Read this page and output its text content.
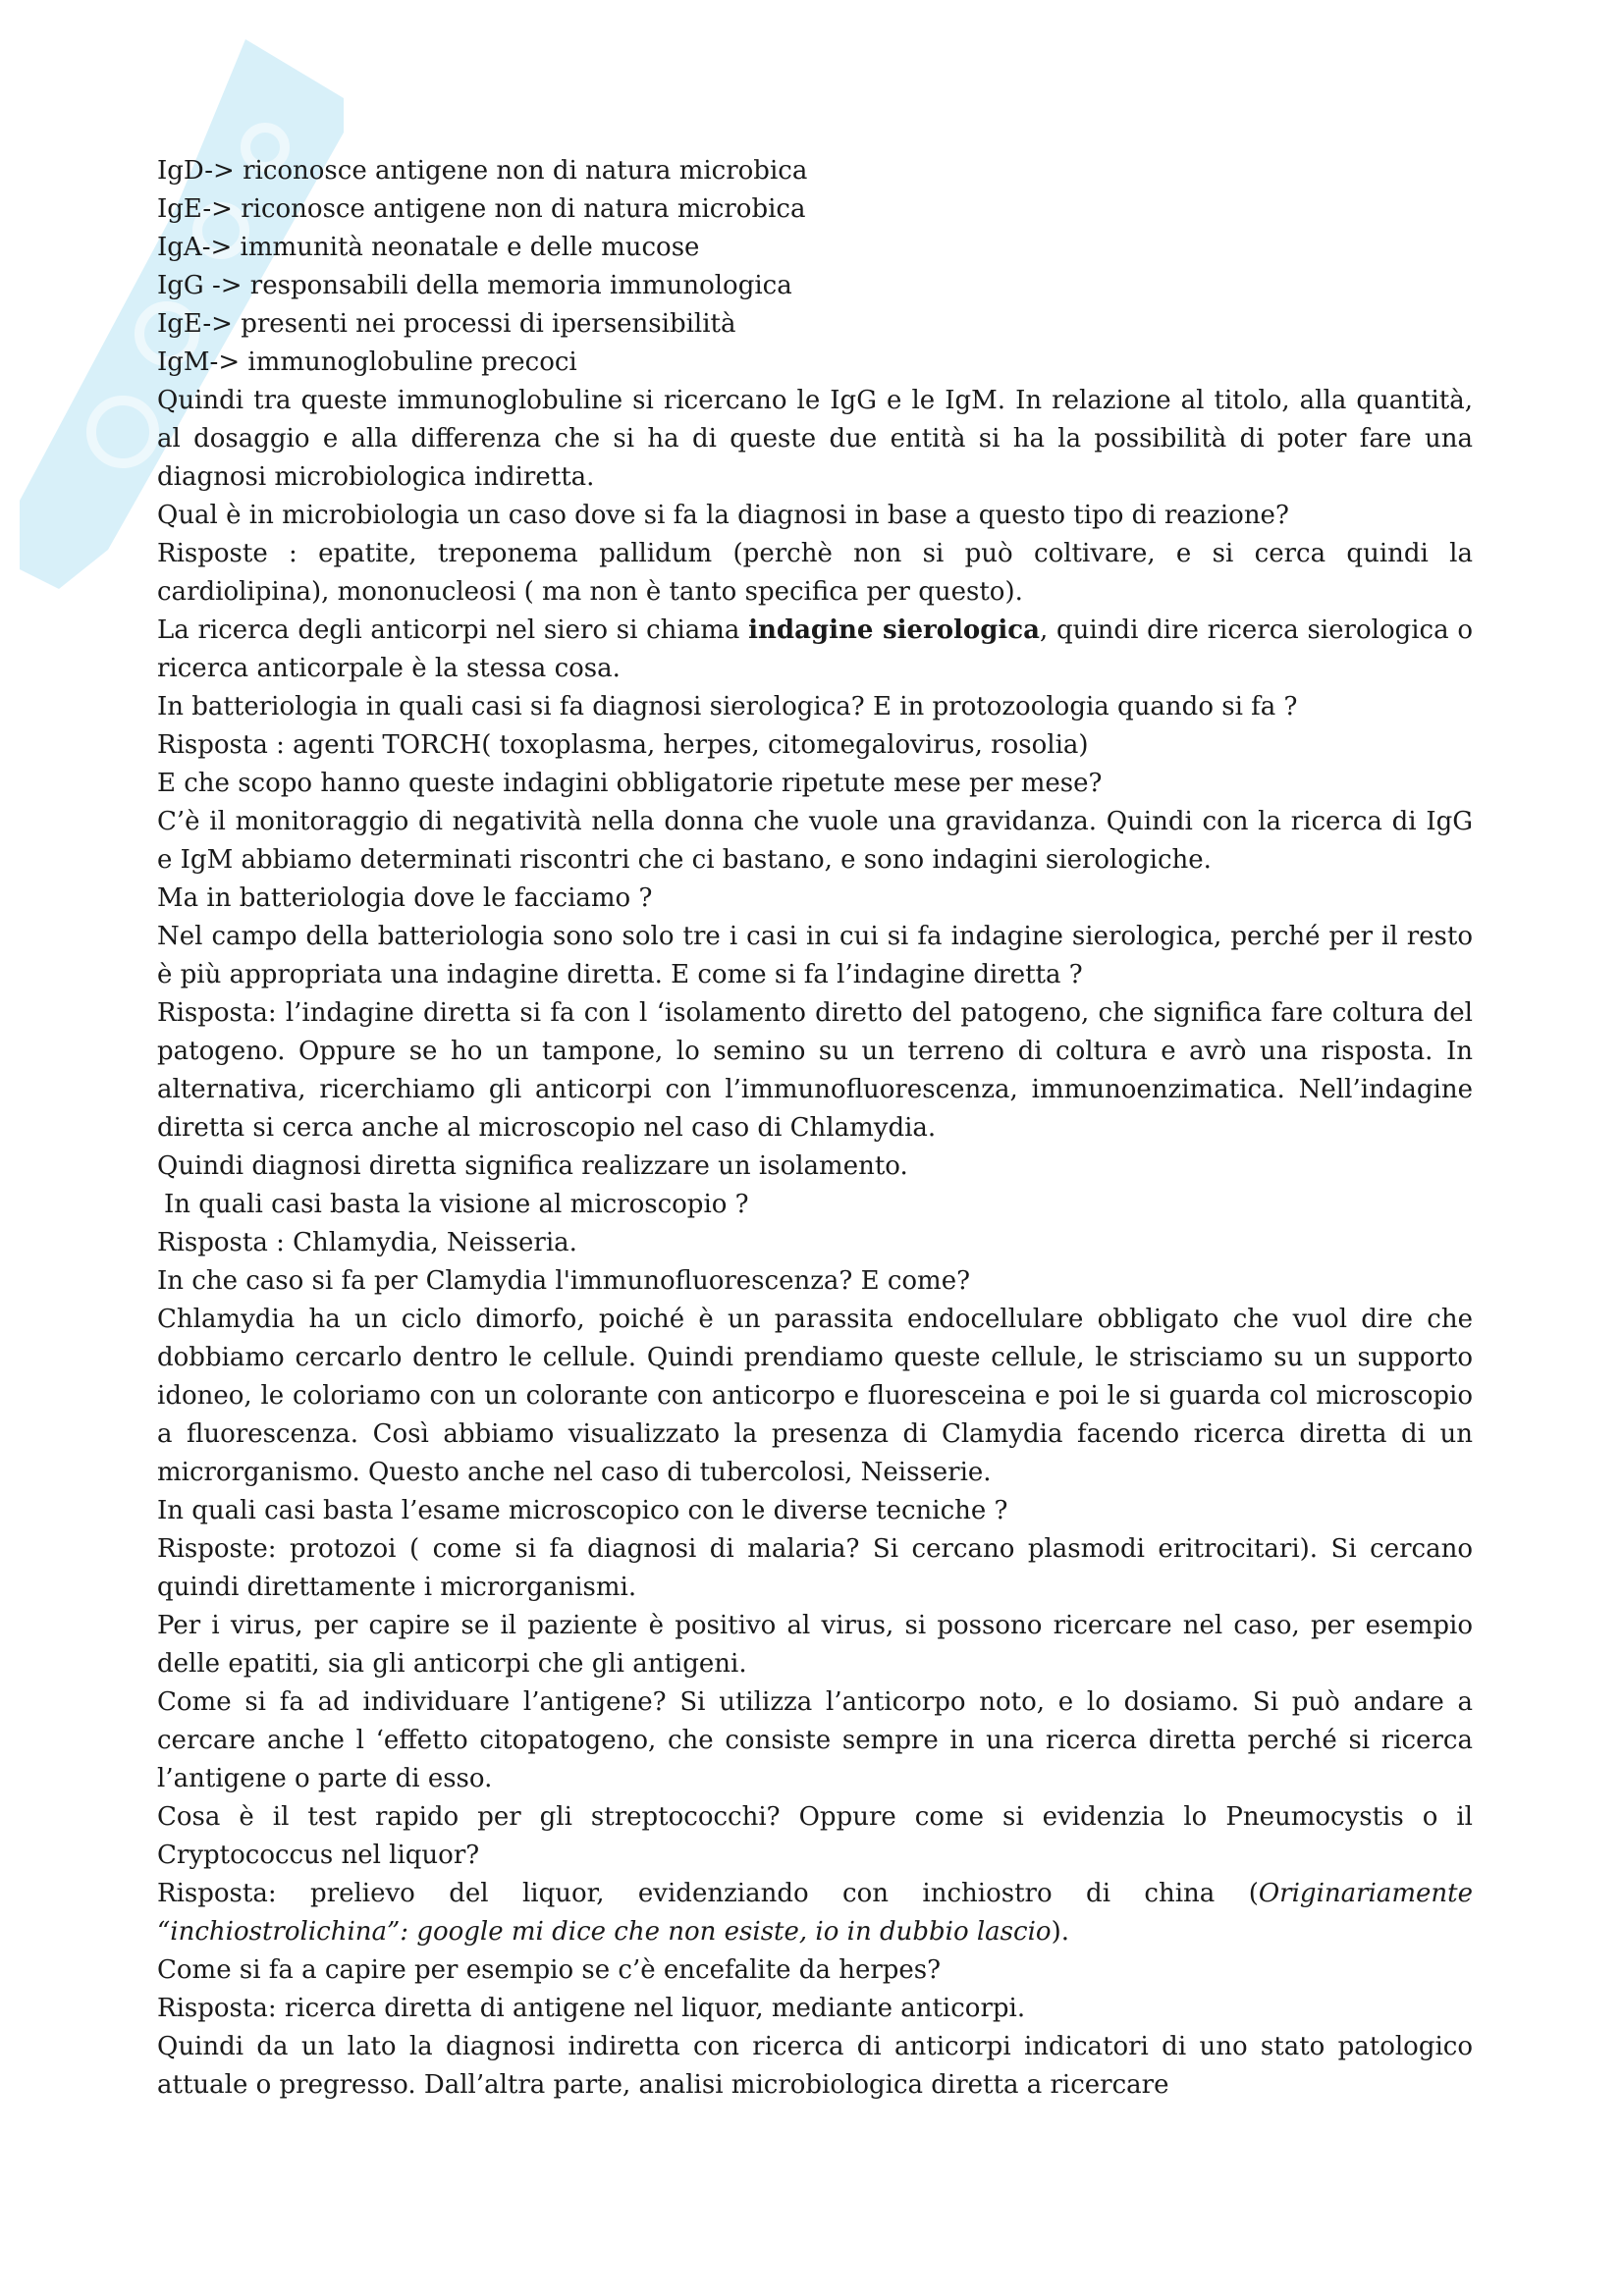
IgD-> riconosce antigene non di natura microbica

IgE-> riconosce antigene non di natura microbica

IgA-> immunità neonatale e delle mucose

IgG -> responsabili della memoria immunologica

IgE-> presenti nei processi di ipersensibilità

IgM-> immunoglobuline precoci

Quindi tra queste immunoglobuline si ricercano le IgG e le IgM. In relazione al titolo, alla quantità, al dosaggio e alla differenza che si ha di queste due entità si ha la possibilità di poter fare una diagnosi microbiologica indiretta.

Qual è in microbiologia un caso dove si fa la diagnosi in base a questo tipo di reazione?

Risposte : epatite, treponema pallidum (perchè non si può coltivare, e si cerca quindi la cardiolipina), mononucleosi ( ma non è tanto specifica per questo).

La ricerca degli anticorpi nel siero si chiama indagine sierologica, quindi dire ricerca sierologica o ricerca anticorpale è la stessa cosa.

In batteriologia in quali casi si fa diagnosi sierologica? E in protozoologia quando si fa ?

Risposta : agenti TORCH( toxoplasma, herpes, citomegalovirus, rosolia)

E che scopo hanno queste indagini obbligatorie ripetute mese per mese?

C’è il monitoraggio di negatività nella donna che vuole una gravidanza. Quindi con la ricerca di IgG e IgM abbiamo determinati riscontri che ci bastano, e sono indagini sierologiche.

Ma in batteriologia dove le facciamo ?

Nel campo della batteriologia sono solo tre i casi in cui si fa indagine sierologica, perché per il resto è più appropriata una indagine diretta. E come si fa l’indagine diretta ?

Risposta: l’indagine diretta si fa con l ‘isolamento diretto del patogeno, che significa fare coltura del patogeno. Oppure se ho un tampone, lo semino su un terreno di coltura e avrò una risposta. In alternativa, ricerchiamo gli anticorpi con l’immunofluorescenza, immunoenzimatica. Nell’indagine diretta si cerca anche al microscopio nel caso di Chlamydia.

Quindi diagnosi diretta significa realizzare un isolamento.

In quali casi basta la visione al microscopio ?

Risposta : Chlamydia, Neisseria.

In che caso si fa per Clamydia l'immunofluorescenza? E come?

Chlamydia ha un ciclo dimorfo, poiché è un parassita endocellulare obbligato che vuol dire che dobbiamo cercarlo dentro le cellule. Quindi prendiamo queste cellule, le strisciamo su un supporto idoneo, le coloriamo con un colorante con anticorpo e fluoresceina e poi le si guarda col microscopio a fluorescenza. Così abbiamo visualizzato la presenza di Clamydia facendo ricerca diretta di un microrganismo. Questo anche nel caso di tubercolosi, Neisserie.

In quali casi basta l’esame microscopico con le diverse tecniche ?

Risposte: protozoi ( come si fa diagnosi di malaria? Si cercano plasmodi eritrocitari). Si cercano quindi direttamente i microrganismi.

Per i virus, per capire se il paziente è positivo al virus, si possono ricercare nel caso, per esempio delle epatiti, sia gli anticorpi che gli antigeni.

Come si fa ad individuare l’antigene? Si utilizza l’anticorpo noto, e lo dosiamo. Si può andare a cercare anche l ‘effetto citopatogeno, che consiste sempre in una ricerca diretta perché si ricerca l’antigene o parte di esso.

Cosa è il test rapido per gli streptococchi? Oppure come si evidenzia lo Pneumocystis o il Cryptococcus nel liquor?

Risposta: prelievo del liquor, evidenziando con inchiostro di china (Originariamente “inchiostrolichina”: google mi dice che non esiste, io in dubbio lascio).

Come si fa a capire per esempio se c’è encefalite da herpes?

Risposta: ricerca diretta di antigene nel liquor, mediante anticorpi.

Quindi da un lato la diagnosi indiretta con ricerca di anticorpi indicatori di uno stato patologico attuale o pregresso. Dall’altra parte, analisi microbiologica diretta a ricercare
